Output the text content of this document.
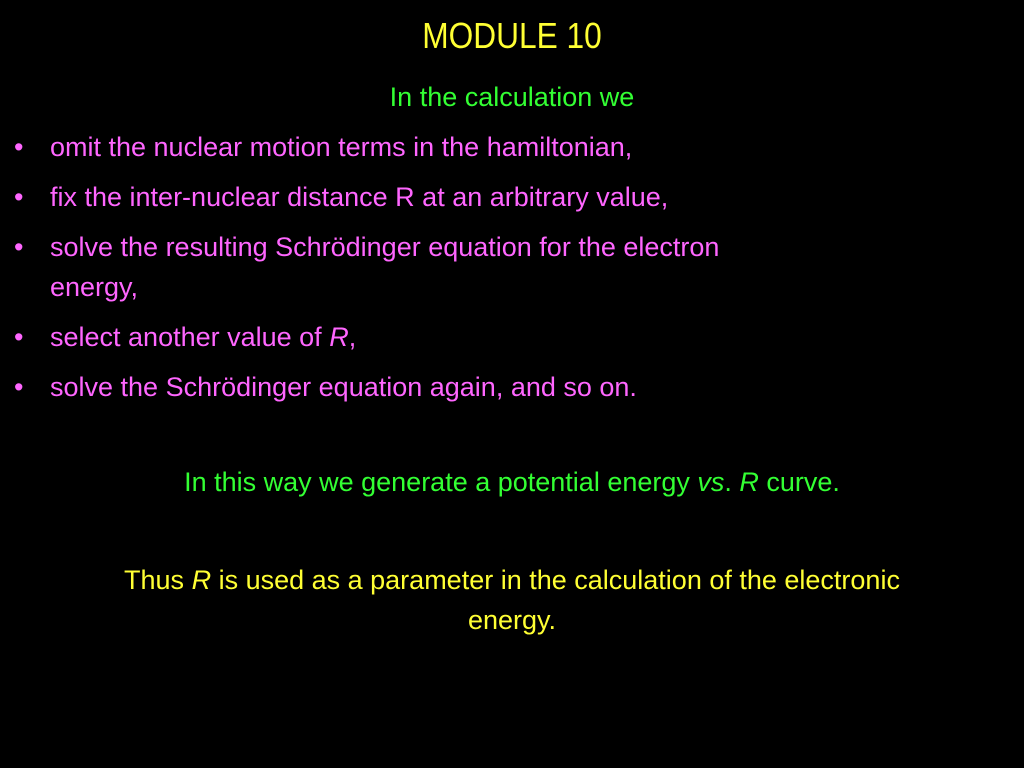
MODULE 10
In the calculation we
• omit the nuclear motion terms in the hamiltonian,
• fix the inter-nuclear distance R at an arbitrary value,
• solve the resulting Schrödinger equation for the electron
energy,
• select another value of R,
• solve the Schrödinger equation again, and so on.
In this way we generate a potential energy vs. R curve.
Thus R is used as a parameter in the calculation of the electronic
energy.
